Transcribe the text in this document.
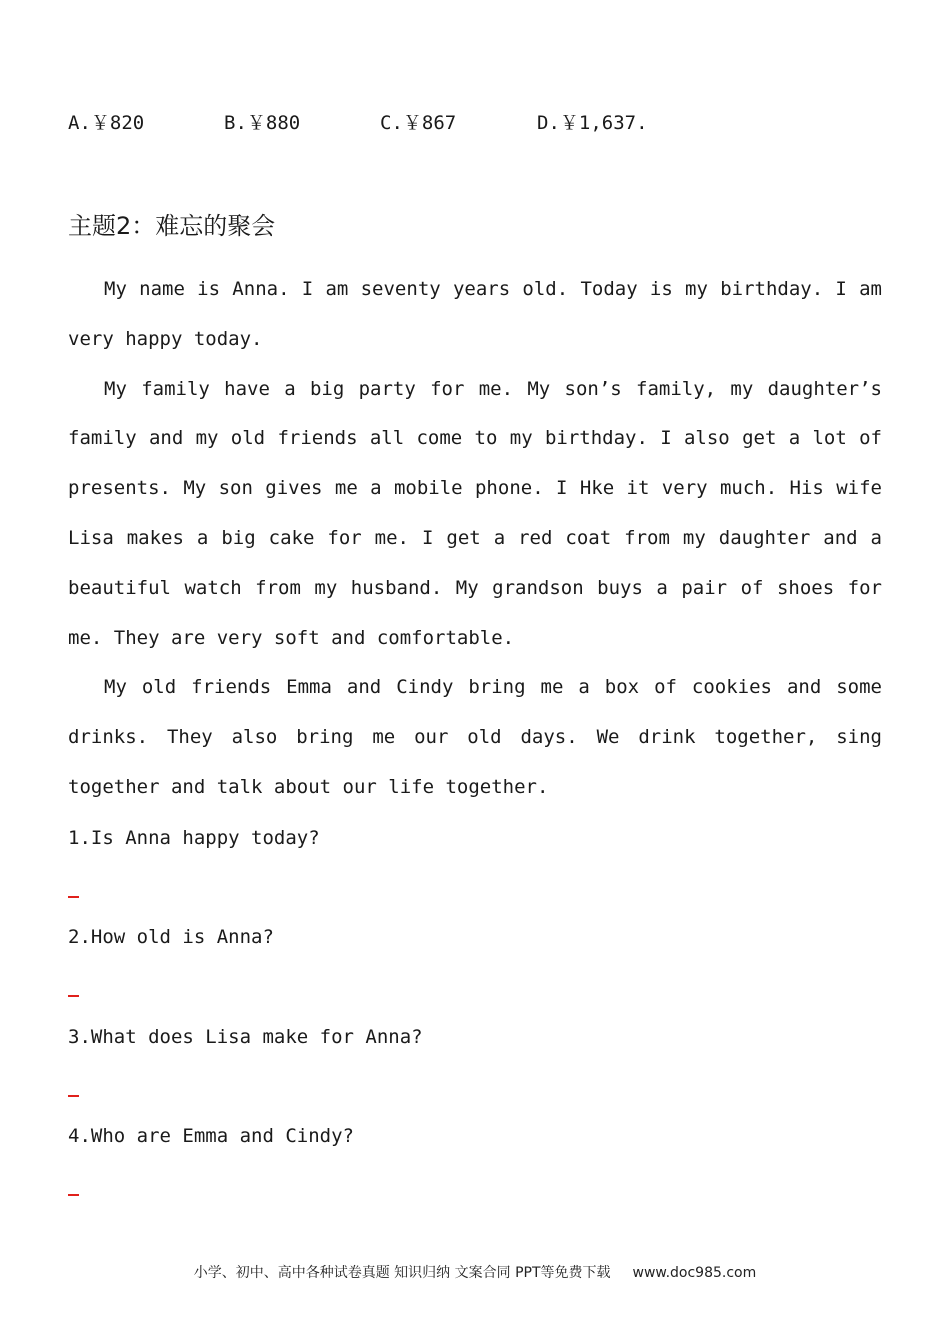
A.￥820	B.￥880	C.￥867	D.￥1,637.
主题2：难忘的聚会

My name is Anna. I am seventy years old. Today is my birthday. I am very happy today.

My family have a big party for me. My son’s family, my daughter’s family and my old friends all come to my birthday. I also get a lot of presents. My son gives me a mobile phone. I Hke it very much. His wife Lisa makes a big cake for me. I get a red coat from my daughter and a beautiful watch from my husband. My grandson buys a pair of shoes for me. They are very soft and comfortable.

My old friends Emma and Cindy bring me a box of cookies and some drinks. They also bring me our old days. We drink together, sing together and talk about our life together.

1.Is Anna happy today?

2.How old is Anna?

3.What does Lisa make for Anna?

4.Who are Emma and Cindy?

小学、初中、高中各种试卷真题 知识归纳 文案合同 PPT等免费下载 www.doc985.com
